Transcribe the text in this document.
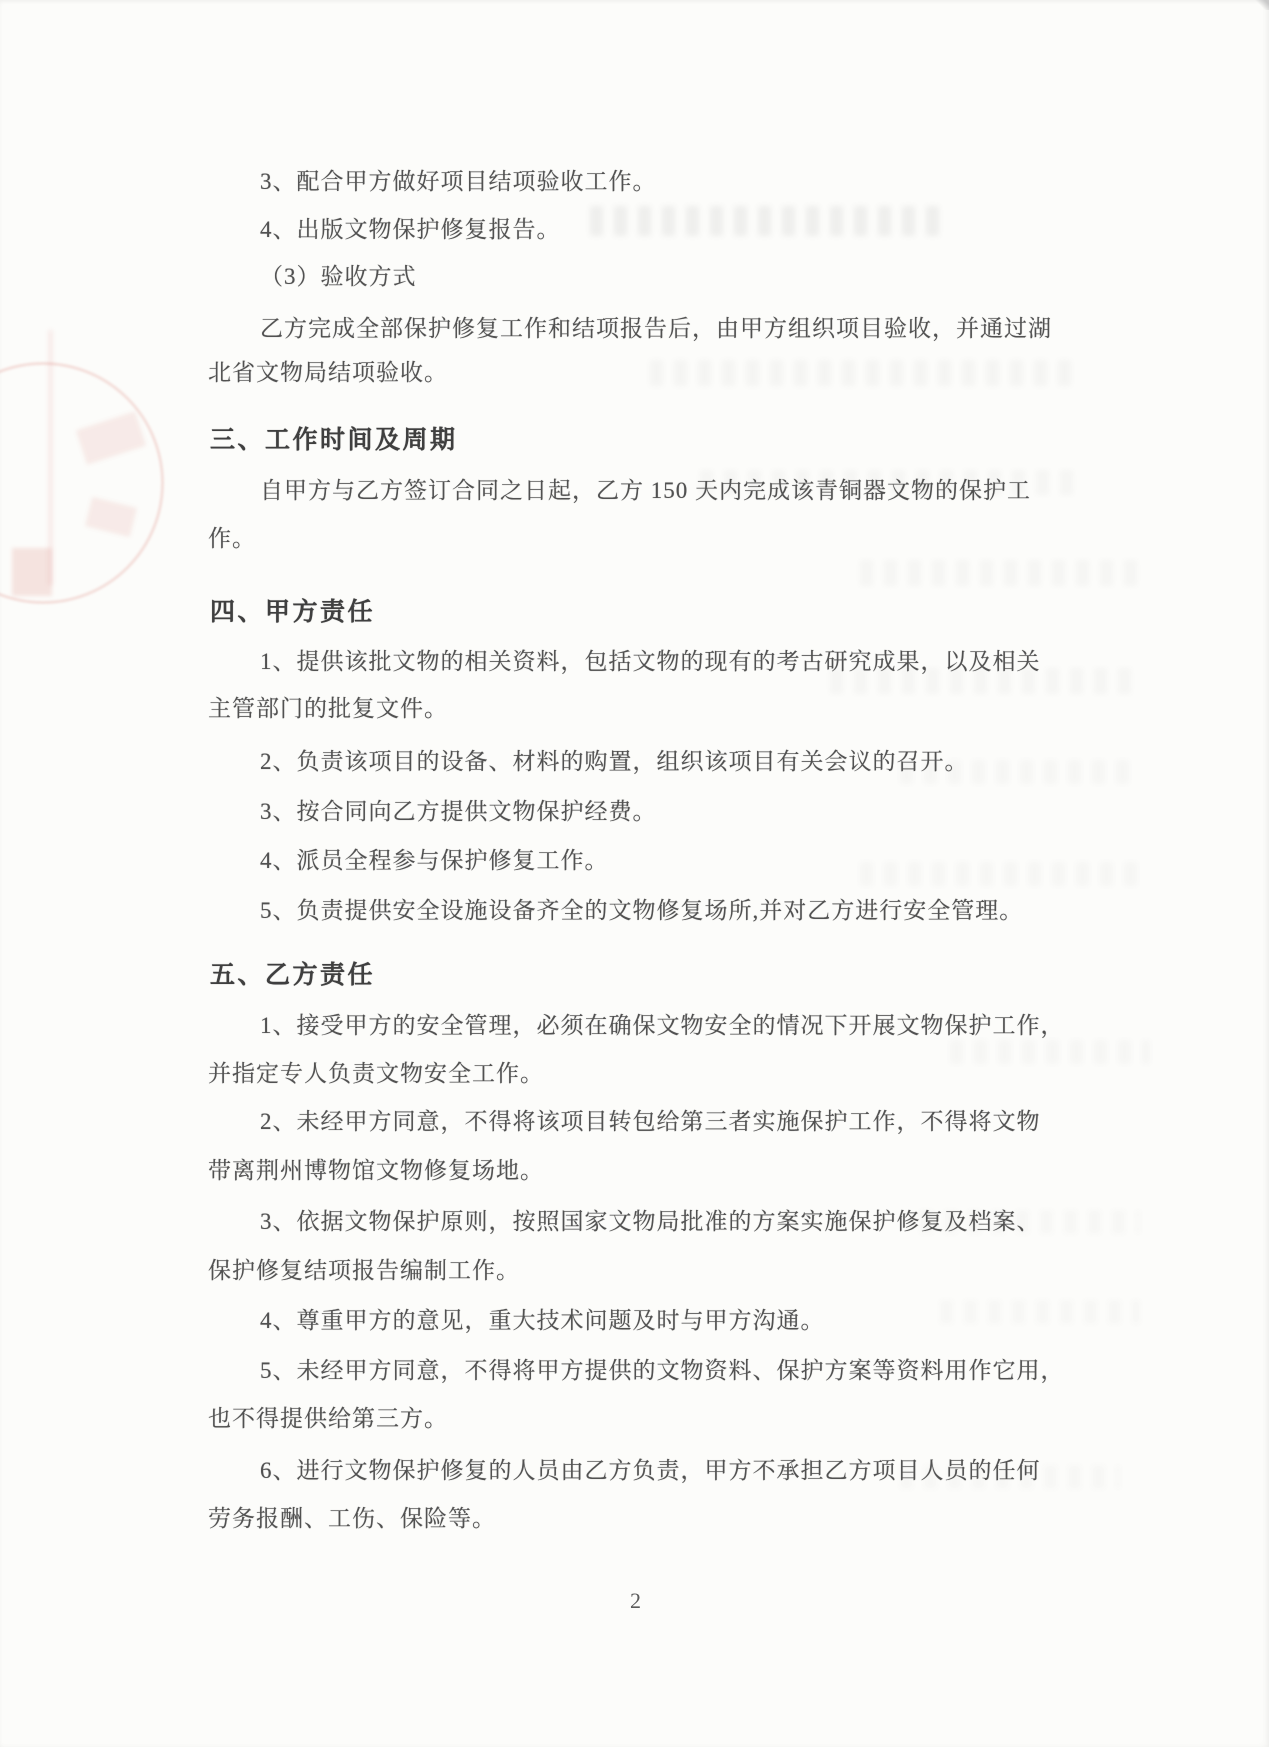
3、配合甲方做好项目结项验收工作。
4、出版文物保护修复报告。
（3）验收方式
乙方完成全部保护修复工作和结项报告后，由甲方组织项目验收，并通过湖
北省文物局结项验收。
三、工作时间及周期
自甲方与乙方签订合同之日起，乙方 150 天内完成该青铜器文物的保护工
作。
四、甲方责任
1、提供该批文物的相关资料，包括文物的现有的考古研究成果，以及相关
主管部门的批复文件。
2、负责该项目的设备、材料的购置，组织该项目有关会议的召开。
3、按合同向乙方提供文物保护经费。
4、派员全程参与保护修复工作。
5、负责提供安全设施设备齐全的文物修复场所,并对乙方进行安全管理。
五、乙方责任
1、接受甲方的安全管理，必须在确保文物安全的情况下开展文物保护工作，
并指定专人负责文物安全工作。
2、未经甲方同意，不得将该项目转包给第三者实施保护工作，不得将文物
带离荆州博物馆文物修复场地。
3、依据文物保护原则，按照国家文物局批准的方案实施保护修复及档案、
保护修复结项报告编制工作。
4、尊重甲方的意见，重大技术问题及时与甲方沟通。
5、未经甲方同意，不得将甲方提供的文物资料、保护方案等资料用作它用，
也不得提供给第三方。
6、进行文物保护修复的人员由乙方负责，甲方不承担乙方项目人员的任何
劳务报酬、工伤、保险等。
2
